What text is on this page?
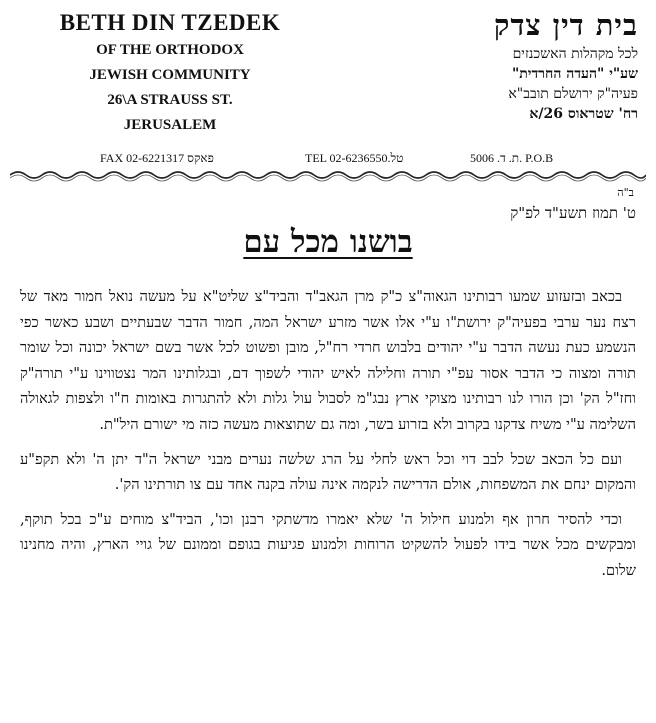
BETH DIN TZEDEK
OF THE ORTHODOX
JEWISH COMMUNITY
26\A STRAUSS ST.
JERUSALEM
בית דין צדק
לכל מקהלות האשכנזים
שע"י "העדה החרדית"
פעיה"ק ירושלם תובב"א
רח' שטראוס 26/א
FAX 02-6221317 פאקס	TEL 02-6236550.טל	ת. ד. 5006. P.O.B
ב"ה
ט' תמוז תשע"ד לפ"ק
בושנו מכל עם

בכאב ובזעזוע שמעו רבותינו הגאוה"צ כ"ק מרן הגאב"ד והביד"צ שליט"א על מעשה נואל חמור מאד של רצח נער ערבי בפעיה"ק ירושת"ו ע"י אלו אשר מזרע ישראל המה, חמור הדבר שבעתיים ושבע כאשר כפי הנשמע כעת נעשה הדבר ע"י יהודים בלבוש חרדי רח"ל, מובן ופשוט לכל אשר בשם ישראל יכונה וכל שומר תורה ומצוה כי הדבר אסור עפ"י תורה וחלילה לאיש יהודי לשפוך דם, ובגלותינו המר נצטווינו ע"י תורה"ק וחז"ל הק' וכן הורו לנו רבותינו מצוקי ארץ נבג"מ לסבול עול גלות ולא להתגרות באומות ח"ו ולצפות לגאולה השלימה ע"י משיח צדקנו בקרוב ולא בזרוע בשר, ומה גם שתוצאות מעשה כזה מי ישורם היל"ת.

ועם כל הכאב שכל לבב דוי וכל ראש לחלי על הרג שלשה נערים מבני ישראל ה"ד יתן ה' ולא תקפ"ע והמקום ינחם את המשפחות, אולם הדרישה לנקמה אינה עולה בקנה אחד עם צו תורתינו הק'.

וכדי להסיר חרון אף ולמנוע חילול ה' שלא יאמרו מדשתקי רבנן וכו', הביד"צ מוחים ע"כ בכל תוקף, ומבקשים מכל אשר בידו לפעול להשקיט הרוחות ולמנוע פגיעות בגופם וממונם של גויי הארץ, והיה מחנינו שלום.
